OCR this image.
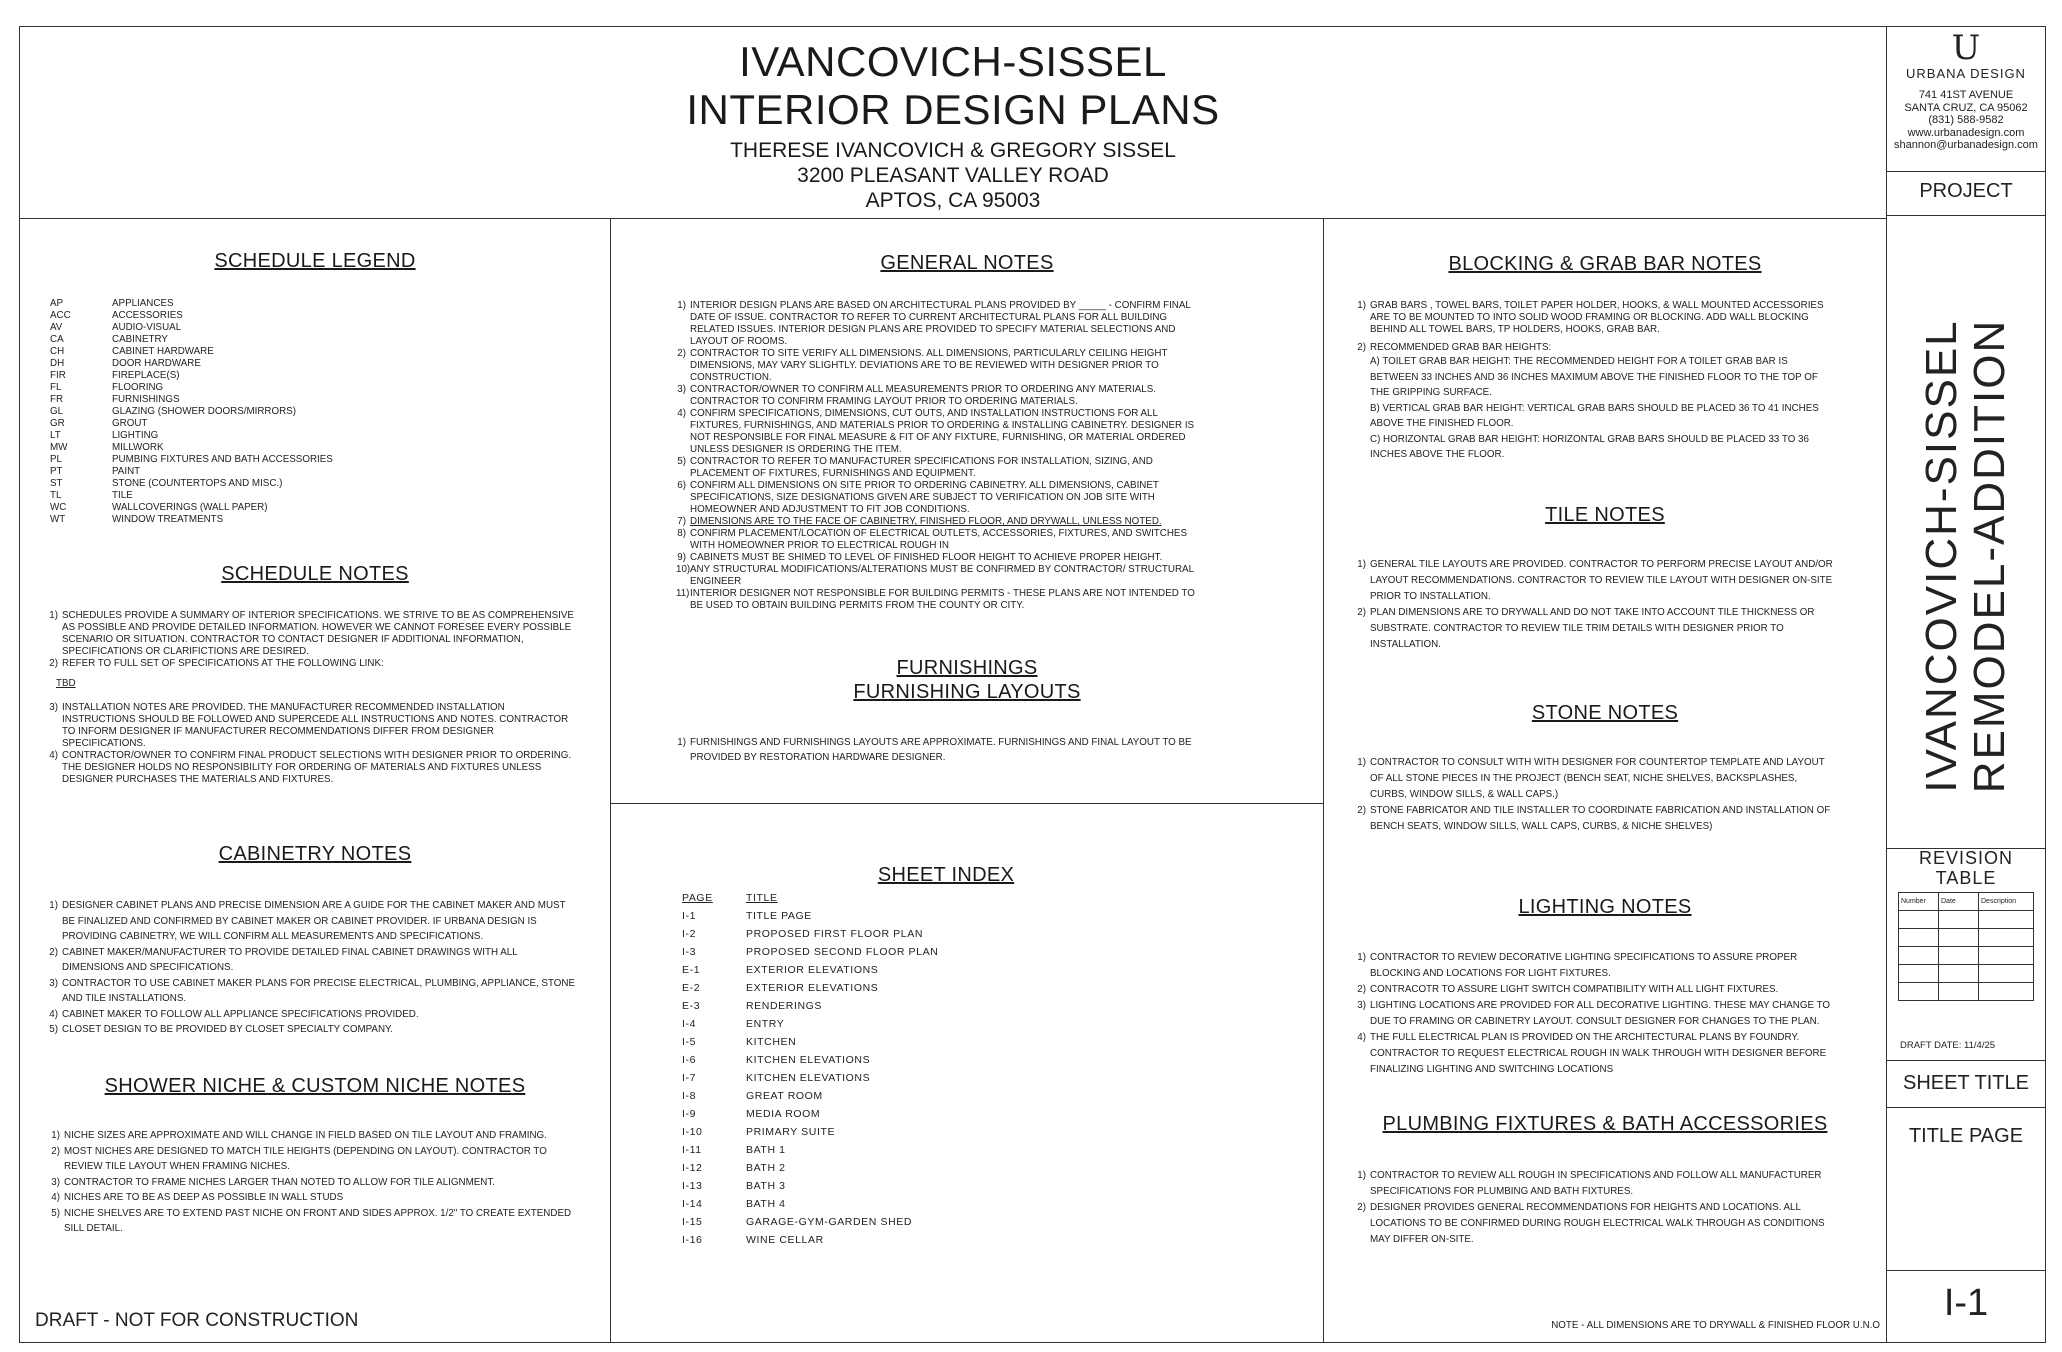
IVANCOVICH-SISSEL
INTERIOR DESIGN PLANS
THERESE IVANCOVICH & GREGORY SISSEL
3200 PLEASANT VALLEY ROAD
APTOS, CA 95003
U
URBANA DESIGN
741 41ST AVENUE
SANTA CRUZ, CA 95062
(831) 588-9582
www.urbanadesign.com
shannon@urbanadesign.com
PROJECT
IVANCOVICH-SISSEL REMODEL-ADDITION
REVISION TABLE
Number	Date	Description

DRAFT DATE: 11/4/25
SHEET TITLE
TITLE PAGE
I-1
SCHEDULE LEGEND
AP	APPLIANCES
ACC	ACCESSORIES
AV	AUDIO-VISUAL
CA	CABINETRY
CH	CABINET HARDWARE
DH	DOOR HARDWARE
FIR	FIREPLACE(S)
FL	FLOORING
FR	FURNISHINGS
GL	GLAZING (SHOWER DOORS/MIRRORS)
GR	GROUT
LT	LIGHTING
MW	MILLWORK
PL	PUMBING FIXTURES AND BATH ACCESSORIES
PT	PAINT
ST	STONE (COUNTERTOPS AND MISC.)
TL	TILE
WC	WALLCOVERINGS (WALL PAPER)
WT	WINDOW TREATMENTS
SCHEDULE NOTES
1) SCHEDULES PROVIDE A SUMMARY OF INTERIOR SPECIFICATIONS. WE STRIVE TO BE AS COMPREHENSIVE AS POSSIBLE AND PROVIDE DETAILED INFORMATION. HOWEVER WE CANNOT FORESEE EVERY POSSIBLE SCENARIO OR SITUATION. CONTRACTOR TO CONTACT DESIGNER IF ADDITIONAL INFORMATION, SPECIFICATIONS OR CLARIFICTIONS ARE DESIRED.
2) REFER TO FULL SET OF SPECIFICATIONS AT THE FOLLOWING LINK:
TBD
3) INSTALLATION NOTES ARE PROVIDED. THE MANUFACTURER RECOMMENDED INSTALLATION INSTRUCTIONS SHOULD BE FOLLOWED AND SUPERCEDE ALL INSTRUCTIONS AND NOTES. CONTRACTOR TO INFORM DESIGNER IF MANUFACTURER RECOMMENDATIONS DIFFER FROM DESIGNER SPECIFICATIONS.
4) CONTRACTOR/OWNER TO CONFIRM FINAL PRODUCT SELECTIONS WITH DESIGNER PRIOR TO ORDERING. THE DESIGNER HOLDS NO RESPONSIBILITY FOR ORDERING OF MATERIALS AND FIXTURES UNLESS DESIGNER PURCHASES THE MATERIALS AND FIXTURES.
CABINETRY NOTES
1) DESIGNER CABINET PLANS AND PRECISE DIMENSION ARE A GUIDE FOR THE CABINET MAKER AND MUST BE FINALIZED AND CONFIRMED BY CABINET MAKER OR CABINET PROVIDER. IF URBANA DESIGN IS PROVIDING CABINETRY, WE WILL CONFIRM ALL MEASUREMENTS AND SPECIFICATIONS.
2) CABINET MAKER/MANUFACTURER TO PROVIDE DETAILED FINAL CABINET DRAWINGS WITH ALL DIMENSIONS AND SPECIFICATIONS.
3) CONTRACTOR TO USE CABINET MAKER PLANS FOR PRECISE ELECTRICAL, PLUMBING, APPLIANCE, STONE AND TILE INSTALLATIONS.
4) CABINET MAKER TO FOLLOW ALL APPLIANCE SPECIFICATIONS PROVIDED.
5) CLOSET DESIGN TO BE PROVIDED BY CLOSET SPECIALTY COMPANY.
SHOWER NICHE & CUSTOM NICHE NOTES
1) NICHE SIZES ARE APPROXIMATE AND WILL CHANGE IN FIELD BASED ON TILE LAYOUT AND FRAMING.
2) MOST NICHES ARE DESIGNED TO MATCH TILE HEIGHTS (DEPENDING ON LAYOUT). CONTRACTOR TO REVIEW TILE LAYOUT WHEN FRAMING NICHES.
3) CONTRACTOR TO FRAME NICHES LARGER THAN NOTED TO ALLOW FOR TILE ALIGNMENT.
4) NICHES ARE TO BE AS DEEP AS POSSIBLE IN WALL STUDS
5) NICHE SHELVES ARE TO EXTEND PAST NICHE ON FRONT AND SIDES APPROX. 1/2" TO CREATE EXTENDED SILL DETAIL.
DRAFT - NOT FOR CONSTRUCTION
GENERAL NOTES
1) INTERIOR DESIGN PLANS ARE BASED ON ARCHITECTURAL PLANS PROVIDED BY _____ - CONFIRM FINAL DATE OF ISSUE. CONTRACTOR TO REFER TO CURRENT ARCHITECTURAL PLANS FOR ALL BUILDING RELATED ISSUES. INTERIOR DESIGN PLANS ARE PROVIDED TO SPECIFY MATERIAL SELECTIONS AND LAYOUT OF ROOMS.
2) CONTRACTOR TO SITE VERIFY ALL DIMENSIONS. ALL DIMENSIONS, PARTICULARLY CEILING HEIGHT DIMENSIONS, MAY VARY SLIGHTLY. DEVIATIONS ARE TO BE REVIEWED WITH DESIGNER PRIOR TO CONSTRUCTION.
3) CONTRACTOR/OWNER TO CONFIRM ALL MEASUREMENTS PRIOR TO ORDERING ANY MATERIALS. CONTRACTOR TO CONFIRM FRAMING LAYOUT PRIOR TO ORDERING MATERIALS.
4) CONFIRM SPECIFICATIONS, DIMENSIONS, CUT OUTS, AND INSTALLATION INSTRUCTIONS FOR ALL FIXTURES, FURNISHINGS, AND MATERIALS PRIOR TO ORDERING & INSTALLING CABINETRY. DESIGNER IS NOT RESPONSIBLE FOR FINAL MEASURE & FIT OF ANY FIXTURE, FURNISHING, OR MATERIAL ORDERED UNLESS DESIGNER IS ORDERING THE ITEM.
5) CONTRACTOR TO REFER TO MANUFACTURER SPECIFICATIONS FOR INSTALLATION, SIZING, AND PLACEMENT OF FIXTURES, FURNISHINGS AND EQUIPMENT.
6) CONFIRM ALL DIMENSIONS ON SITE PRIOR TO ORDERING CABINETRY. ALL DIMENSIONS, CABINET SPECIFICATIONS, SIZE DESIGNATIONS GIVEN ARE SUBJECT TO VERIFICATION ON JOB SITE WITH HOMEOWNER AND ADJUSTMENT TO FIT JOB CONDITIONS.
7) DIMENSIONS ARE TO THE FACE OF CABINETRY, FINISHED FLOOR, AND DRYWALL, UNLESS NOTED.
8) CONFIRM PLACEMENT/LOCATION OF ELECTRICAL OUTLETS, ACCESSORIES, FIXTURES, AND SWITCHES WITH HOMEOWNER PRIOR TO ELECTRICAL ROUGH IN
9) CABINETS MUST BE SHIMED TO LEVEL OF FINISHED FLOOR HEIGHT TO ACHIEVE PROPER HEIGHT.
10) ANY STRUCTURAL MODIFICATIONS/ALTERATIONS MUST BE CONFIRMED BY CONTRACTOR/ STRUCTURAL ENGINEER
11) INTERIOR DESIGNER NOT RESPONSIBLE FOR BUILDING PERMITS - THESE PLANS ARE NOT INTENDED TO BE USED TO OBTAIN BUILDING PERMITS FROM THE COUNTY OR CITY.
FURNISHINGS
FURNISHING LAYOUTS
1) FURNISHINGS AND FURNISHINGS LAYOUTS ARE APPROXIMATE. FURNISHINGS AND FINAL LAYOUT TO BE PROVIDED BY RESTORATION HARDWARE DESIGNER.
SHEET INDEX
PAGE	TITLE
I-1	TITLE PAGE
I-2	PROPOSED FIRST FLOOR PLAN
I-3	PROPOSED SECOND FLOOR PLAN
E-1	EXTERIOR ELEVATIONS
E-2	EXTERIOR ELEVATIONS
E-3	RENDERINGS
I-4	ENTRY
I-5	KITCHEN
I-6	KITCHEN ELEVATIONS
I-7	KITCHEN ELEVATIONS
I-8	GREAT ROOM
I-9	MEDIA ROOM
I-10	PRIMARY SUITE
I-11	BATH 1
I-12	BATH 2
I-13	BATH 3
I-14	BATH 4
I-15	GARAGE-GYM-GARDEN SHED
I-16	WINE CELLAR
BLOCKING & GRAB BAR NOTES
1) GRAB BARS , TOWEL BARS, TOILET PAPER HOLDER, HOOKS, & WALL MOUNTED ACCESSORIES ARE TO BE MOUNTED TO INTO SOLID WOOD FRAMING OR BLOCKING. ADD WALL BLOCKING BEHIND ALL TOWEL BARS, TP HOLDERS, HOOKS, GRAB BAR.
2) RECOMMENDED GRAB BAR HEIGHTS:
A) TOILET GRAB BAR HEIGHT: THE RECOMMENDED HEIGHT FOR A TOILET GRAB BAR IS BETWEEN 33 INCHES AND 36 INCHES MAXIMUM ABOVE THE FINISHED FLOOR TO THE TOP OF THE GRIPPING SURFACE.
B) VERTICAL GRAB BAR HEIGHT: VERTICAL GRAB BARS SHOULD BE PLACED 36 TO 41 INCHES ABOVE THE FINISHED FLOOR.
C) HORIZONTAL GRAB BAR HEIGHT: HORIZONTAL GRAB BARS SHOULD BE PLACED 33 TO 36 INCHES ABOVE THE FLOOR.
TILE NOTES
1) GENERAL TILE LAYOUTS ARE PROVIDED. CONTRACTOR TO PERFORM PRECISE LAYOUT AND/OR LAYOUT RECOMMENDATIONS. CONTRACTOR TO REVIEW TILE LAYOUT WITH DESIGNER ON-SITE PRIOR TO INSTALLATION.
2) PLAN DIMENSIONS ARE TO DRYWALL AND DO NOT TAKE INTO ACCOUNT TILE THICKNESS OR SUBSTRATE. CONTRACTOR TO REVIEW TILE TRIM DETAILS WITH DESIGNER PRIOR TO INSTALLATION.
STONE NOTES
1) CONTRACTOR TO CONSULT WITH WITH DESIGNER FOR COUNTERTOP TEMPLATE AND LAYOUT OF ALL STONE PIECES IN THE PROJECT (BENCH SEAT, NICHE SHELVES, BACKSPLASHES, CURBS, WINDOW SILLS, & WALL CAPS.)
2) STONE FABRICATOR AND TILE INSTALLER TO COORDINATE FABRICATION AND INSTALLATION OF BENCH SEATS, WINDOW SILLS, WALL CAPS, CURBS, & NICHE SHELVES)
LIGHTING NOTES
1) CONTRACTOR TO REVIEW DECORATIVE LIGHTING SPECIFICATIONS TO ASSURE PROPER BLOCKING AND LOCATIONS FOR LIGHT FIXTURES.
2) CONTRACOTR TO ASSURE LIGHT SWITCH COMPATIBILITY WITH ALL LIGHT FIXTURES.
3) LIGHTING LOCATIONS ARE PROVIDED FOR ALL DECORATIVE LIGHTING. THESE MAY CHANGE TO DUE TO FRAMING OR CABINETRY LAYOUT. CONSULT DESIGNER FOR CHANGES TO THE PLAN.
4) THE FULL ELECTRICAL PLAN IS PROVIDED ON THE ARCHITECTURAL PLANS BY FOUNDRY. CONTRACTOR TO REQUEST ELECTRICAL ROUGH IN WALK THROUGH WITH DESIGNER BEFORE FINALIZING LIGHTING AND SWITCHING LOCATIONS
PLUMBING FIXTURES & BATH ACCESSORIES
1) CONTRACTOR TO REVIEW ALL ROUGH IN SPECIFICATIONS AND FOLLOW ALL MANUFACTURER SPECIFICATIONS FOR PLUMBING AND BATH FIXTURES.
2) DESIGNER PROVIDES GENERAL RECOMMENDATIONS FOR HEIGHTS AND LOCATIONS. ALL LOCATIONS TO BE CONFIRMED DURING ROUGH ELECTRICAL WALK THROUGH AS CONDITIONS MAY DIFFER ON-SITE.
NOTE - ALL DIMENSIONS ARE TO DRYWALL & FINISHED FLOOR U.N.O
